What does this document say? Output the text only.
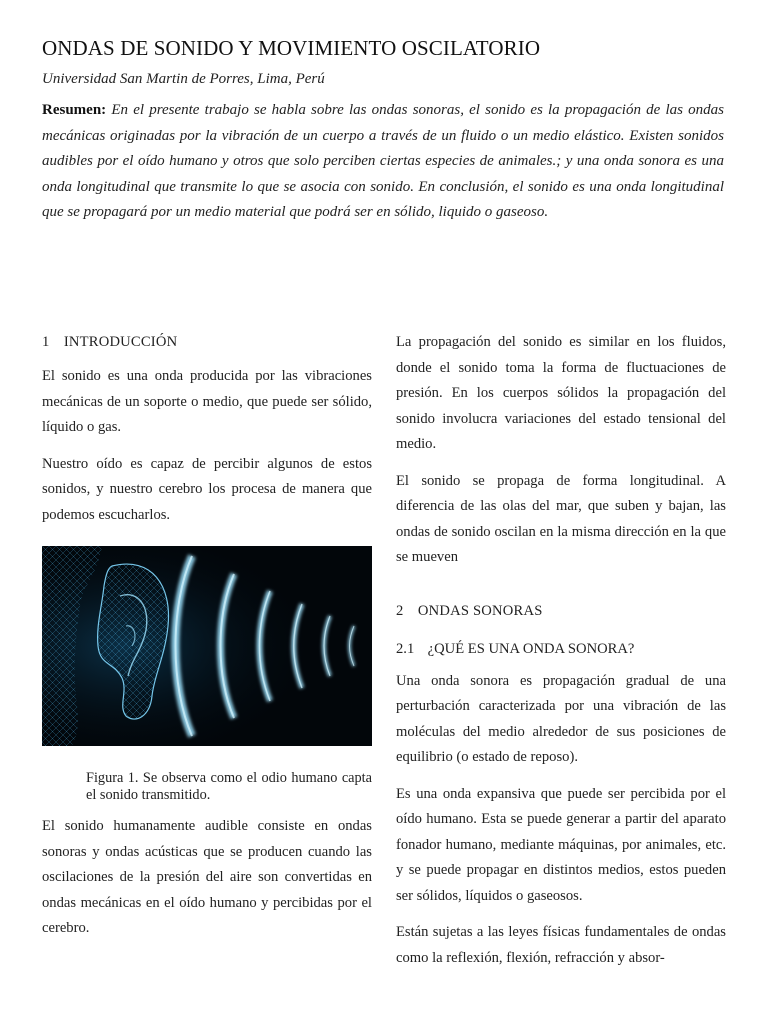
ONDAS DE SONIDO Y MOVIMIENTO OSCILATORIO
Universidad San Martin de Porres, Lima, Perú
Resumen: En el presente trabajo se habla sobre las ondas sonoras, el sonido es la propagación de las ondas mecánicas originadas por la vibración de un cuerpo a través de un fluido o un medio elástico. Existen sonidos audibles por el oído humano y otros que solo perciben ciertas especies de animales.; y una onda sonora es una onda longitudinal que transmite lo que se asocia con sonido. En conclusión, el sonido es una onda longitudinal que se propagará por un medio material que podrá ser en sólido, liquido o gaseoso.
1 INTRODUCCIÓN

El sonido es una onda producida por las vibraciones mecánicas de un soporte o medio, que puede ser sólido, líquido o gas.

Nuestro oído es capaz de percibir algunos de estos sonidos, y nuestro cerebro los procesa de manera que podemos escucharlos.

Figura 1. Se observa como el odio humano capta el sonido transmitido.

El sonido humanamente audible consiste en ondas sonoras y ondas acústicas que se producen cuando las oscilaciones de la presión del aire son convertidas en ondas mecánicas en el oído humano y percibidas por el cerebro.

La propagación del sonido es similar en los fluidos, donde el sonido toma la forma de fluctuaciones de presión. En los cuerpos sólidos la propagación del sonido involucra variaciones del estado tensional del medio.

El sonido se propaga de forma longitudinal. A diferencia de las olas del mar, que suben y bajan, las ondas de sonido oscilan en la misma dirección en la que se mueven

2 ONDAS SONORAS
2.1 ¿QUÉ ES UNA ONDA SONORA?

Una onda sonora es propagación gradual de una perturbación caracterizada por una vibración de las moléculas del medio alrededor de sus posiciones de equilibrio (o estado de reposo).

Es una onda expansiva que puede ser percibida por el oído humano. Esta se puede generar a partir del aparato fonador humano, mediante máquinas, por animales, etc. y se puede propagar en distintos medios, estos pueden ser sólidos, líquidos o gaseosos.

Están sujetas a las leyes físicas fundamentales de ondas como la reflexión, flexión, refracción y absor-
